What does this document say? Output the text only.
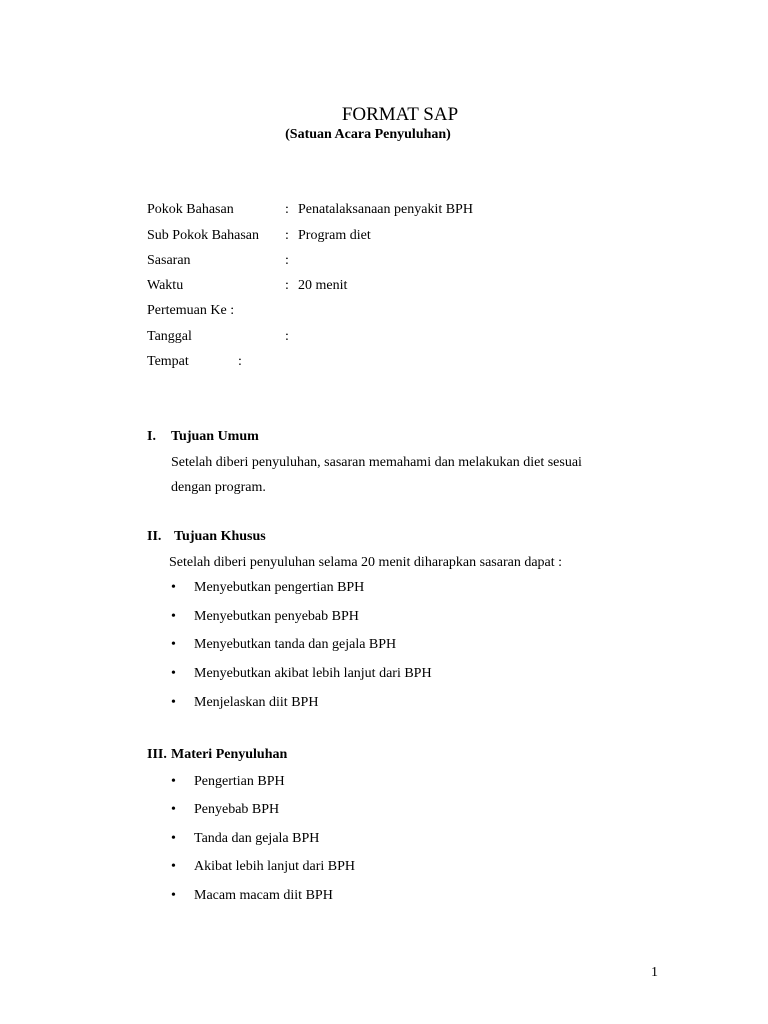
FORMAT SAP
(Satuan Acara Penyuluhan)
Pokok Bahasan	: Penatalaksanaan penyakit BPH
Sub Pokok Bahasan : Program diet
Sasaran	:
Waktu	: 20 menit
Pertemuan Ke :
Tanggal	:
Tempat	:
I. Tujuan Umum
Setelah diberi penyuluhan, sasaran memahami dan melakukan diet sesuai
dengan program.
II. Tujuan Khusus
Setelah diberi penyuluhan selama 20 menit diharapkan sasaran dapat :
• Menyebutkan pengertian BPH
• Menyebutkan penyebab BPH
• Menyebutkan tanda dan gejala BPH
• Menyebutkan akibat lebih lanjut dari BPH
• Menjelaskan diit BPH
III. Materi Penyuluhan
• Pengertian BPH
• Penyebab BPH
• Tanda dan gejala BPH
• Akibat lebih lanjut dari BPH
• Macam macam diit BPH
1
